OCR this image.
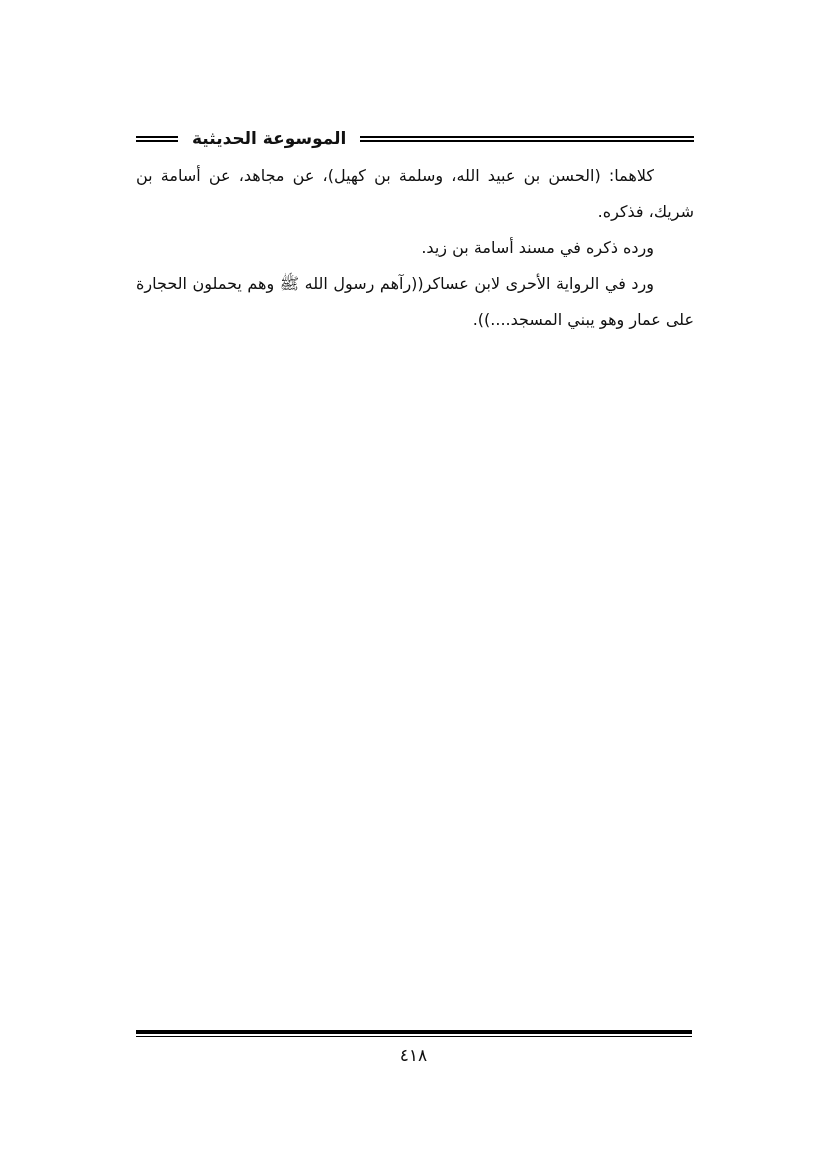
الموسوعة الحديثية

كلاهما: (الحسن بن عبيد الله، وسلمة بن كهيل)، عن مجاهد، عن أسامة بن شريك، فذكره.

ورده ذكره في مسند أسامة بن زيد.

ورد في الرواية الأحرى لابن عساكر((رآهم رسول الله ﷺ وهم يحملون الحجارة على عمار وهو يبني المسجد....)).

٤١٨
